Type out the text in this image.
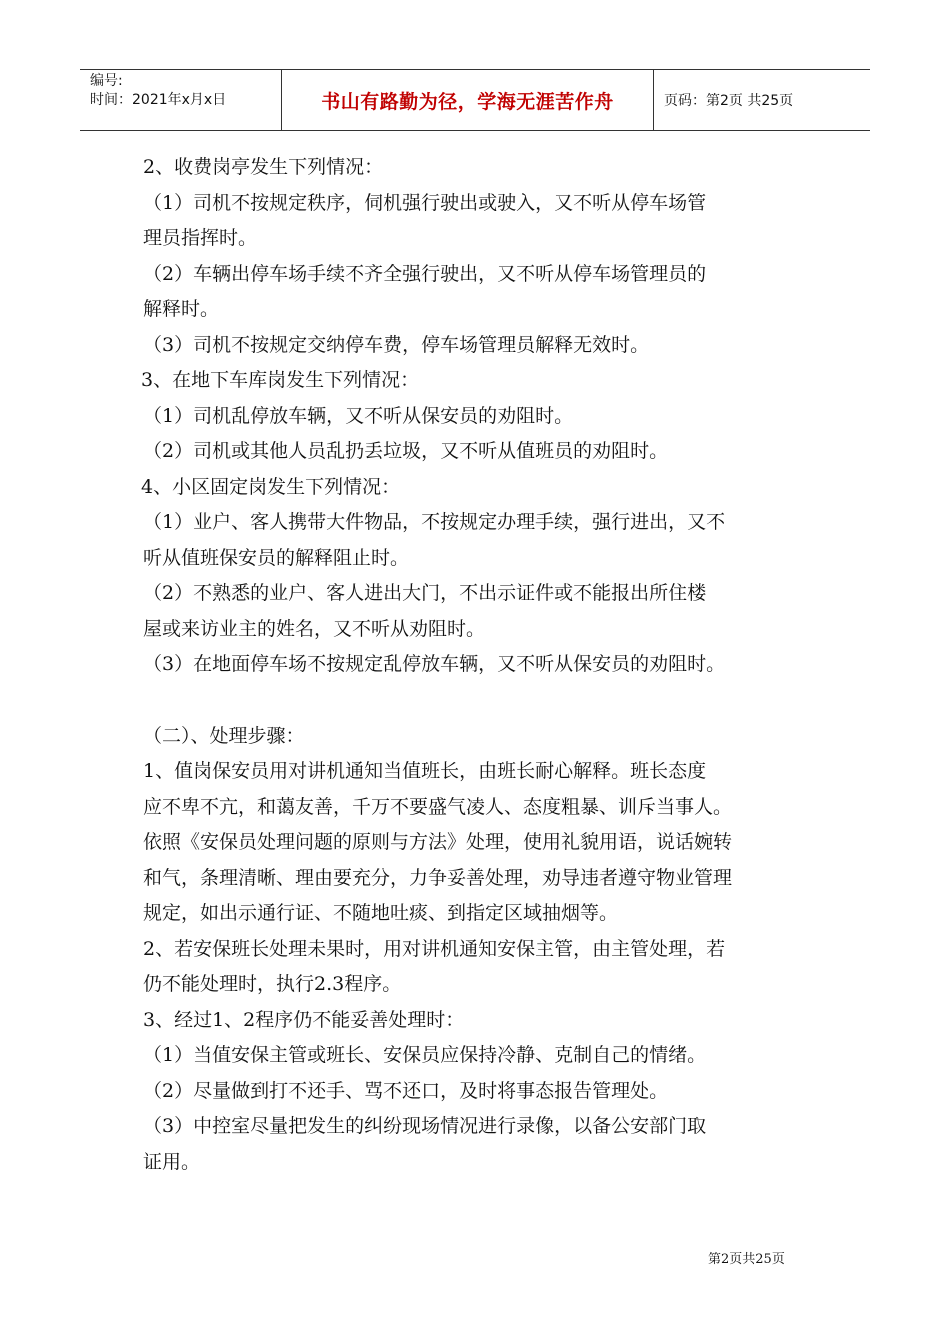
编号:
时间：2021年x月x日	书山有路勤为径，学海无涯苦作舟	页码：第2页 共25页
2、收费岗亭发生下列情况：
（1）司机不按规定秩序，伺机强行驶出或驶入，又不听从停车场管
理员指挥时。
（2）车辆出停车场手续不齐全强行驶出，又不听从停车场管理员的
解释时。
（3）司机不按规定交纳停车费，停车场管理员解释无效时。
3、在地下车库岗发生下列情况：
（1）司机乱停放车辆，又不听从保安员的劝阻时。
（2）司机或其他人员乱扔丢垃圾，又不听从值班员的劝阻时。
4、小区固定岗发生下列情况：
（1）业户、客人携带大件物品，不按规定办理手续，强行进出，又不
听从值班保安员的解释阻止时。
（2）不熟悉的业户、客人进出大门，不出示证件或不能报出所住楼
屋或来访业主的姓名，又不听从劝阻时。
（3）在地面停车场不按规定乱停放车辆，又不听从保安员的劝阻时。
（二）、处理步骤：
1、值岗保安员用对讲机通知当值班长，由班长耐心解释。班长态度
应不卑不亢，和蔼友善，千万不要盛气凌人、态度粗暴、训斥当事人。
依照《安保员处理问题的原则与方法》处理，使用礼貌用语，说话婉转
和气，条理清晰、理由要充分，力争妥善处理，劝导违者遵守物业管理
规定，如出示通行证、不随地吐痰、到指定区域抽烟等。
2、若安保班长处理未果时，用对讲机通知安保主管，由主管处理，若
仍不能处理时，执行2.3程序。
3、经过1、2程序仍不能妥善处理时：
（1）当值安保主管或班长、安保员应保持冷静、克制自己的情绪。
（2）尽量做到打不还手、骂不还口，及时将事态报告管理处。
（3）中控室尽量把发生的纠纷现场情况进行录像，以备公安部门取
证用。
第2页共25页
